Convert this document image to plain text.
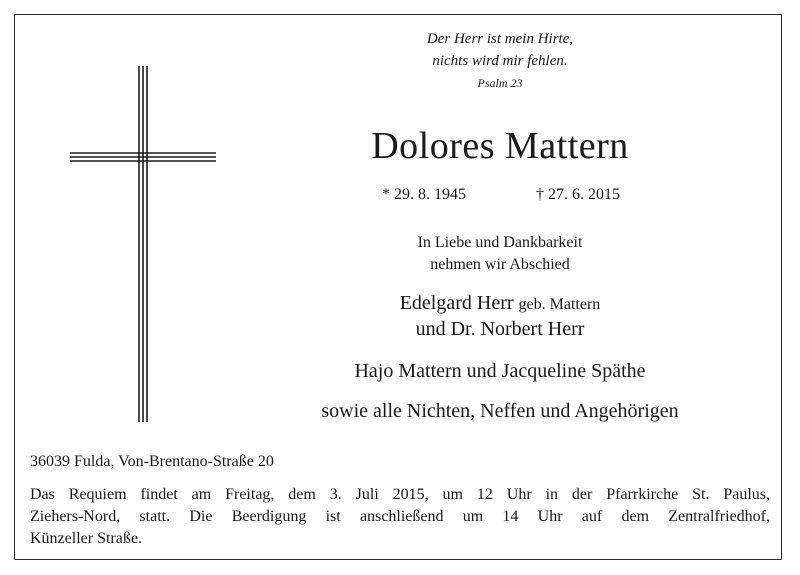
Der Herr ist mein Hirte,
nichts wird mir fehlen.
Psalm 23
Dolores Mattern
* 29. 8. 1945	† 27. 6. 2015
In Liebe und Dankbarkeit
nehmen wir Abschied
Edelgard Herr geb. Mattern
und Dr. Norbert Herr
Hajo Mattern und Jacqueline Späthe
sowie alle Nichten, Neffen und Angehörigen
36039 Fulda, Von-Brentano-Straße 20
Das Requiem findet am Freitag, dem 3. Juli 2015, um 12 Uhr in der Pfarrkirche St. Paulus,
Ziehers-Nord, statt. Die Beerdigung ist anschließend um 14 Uhr auf dem Zentralfriedhof,
Künzeller Straße.
